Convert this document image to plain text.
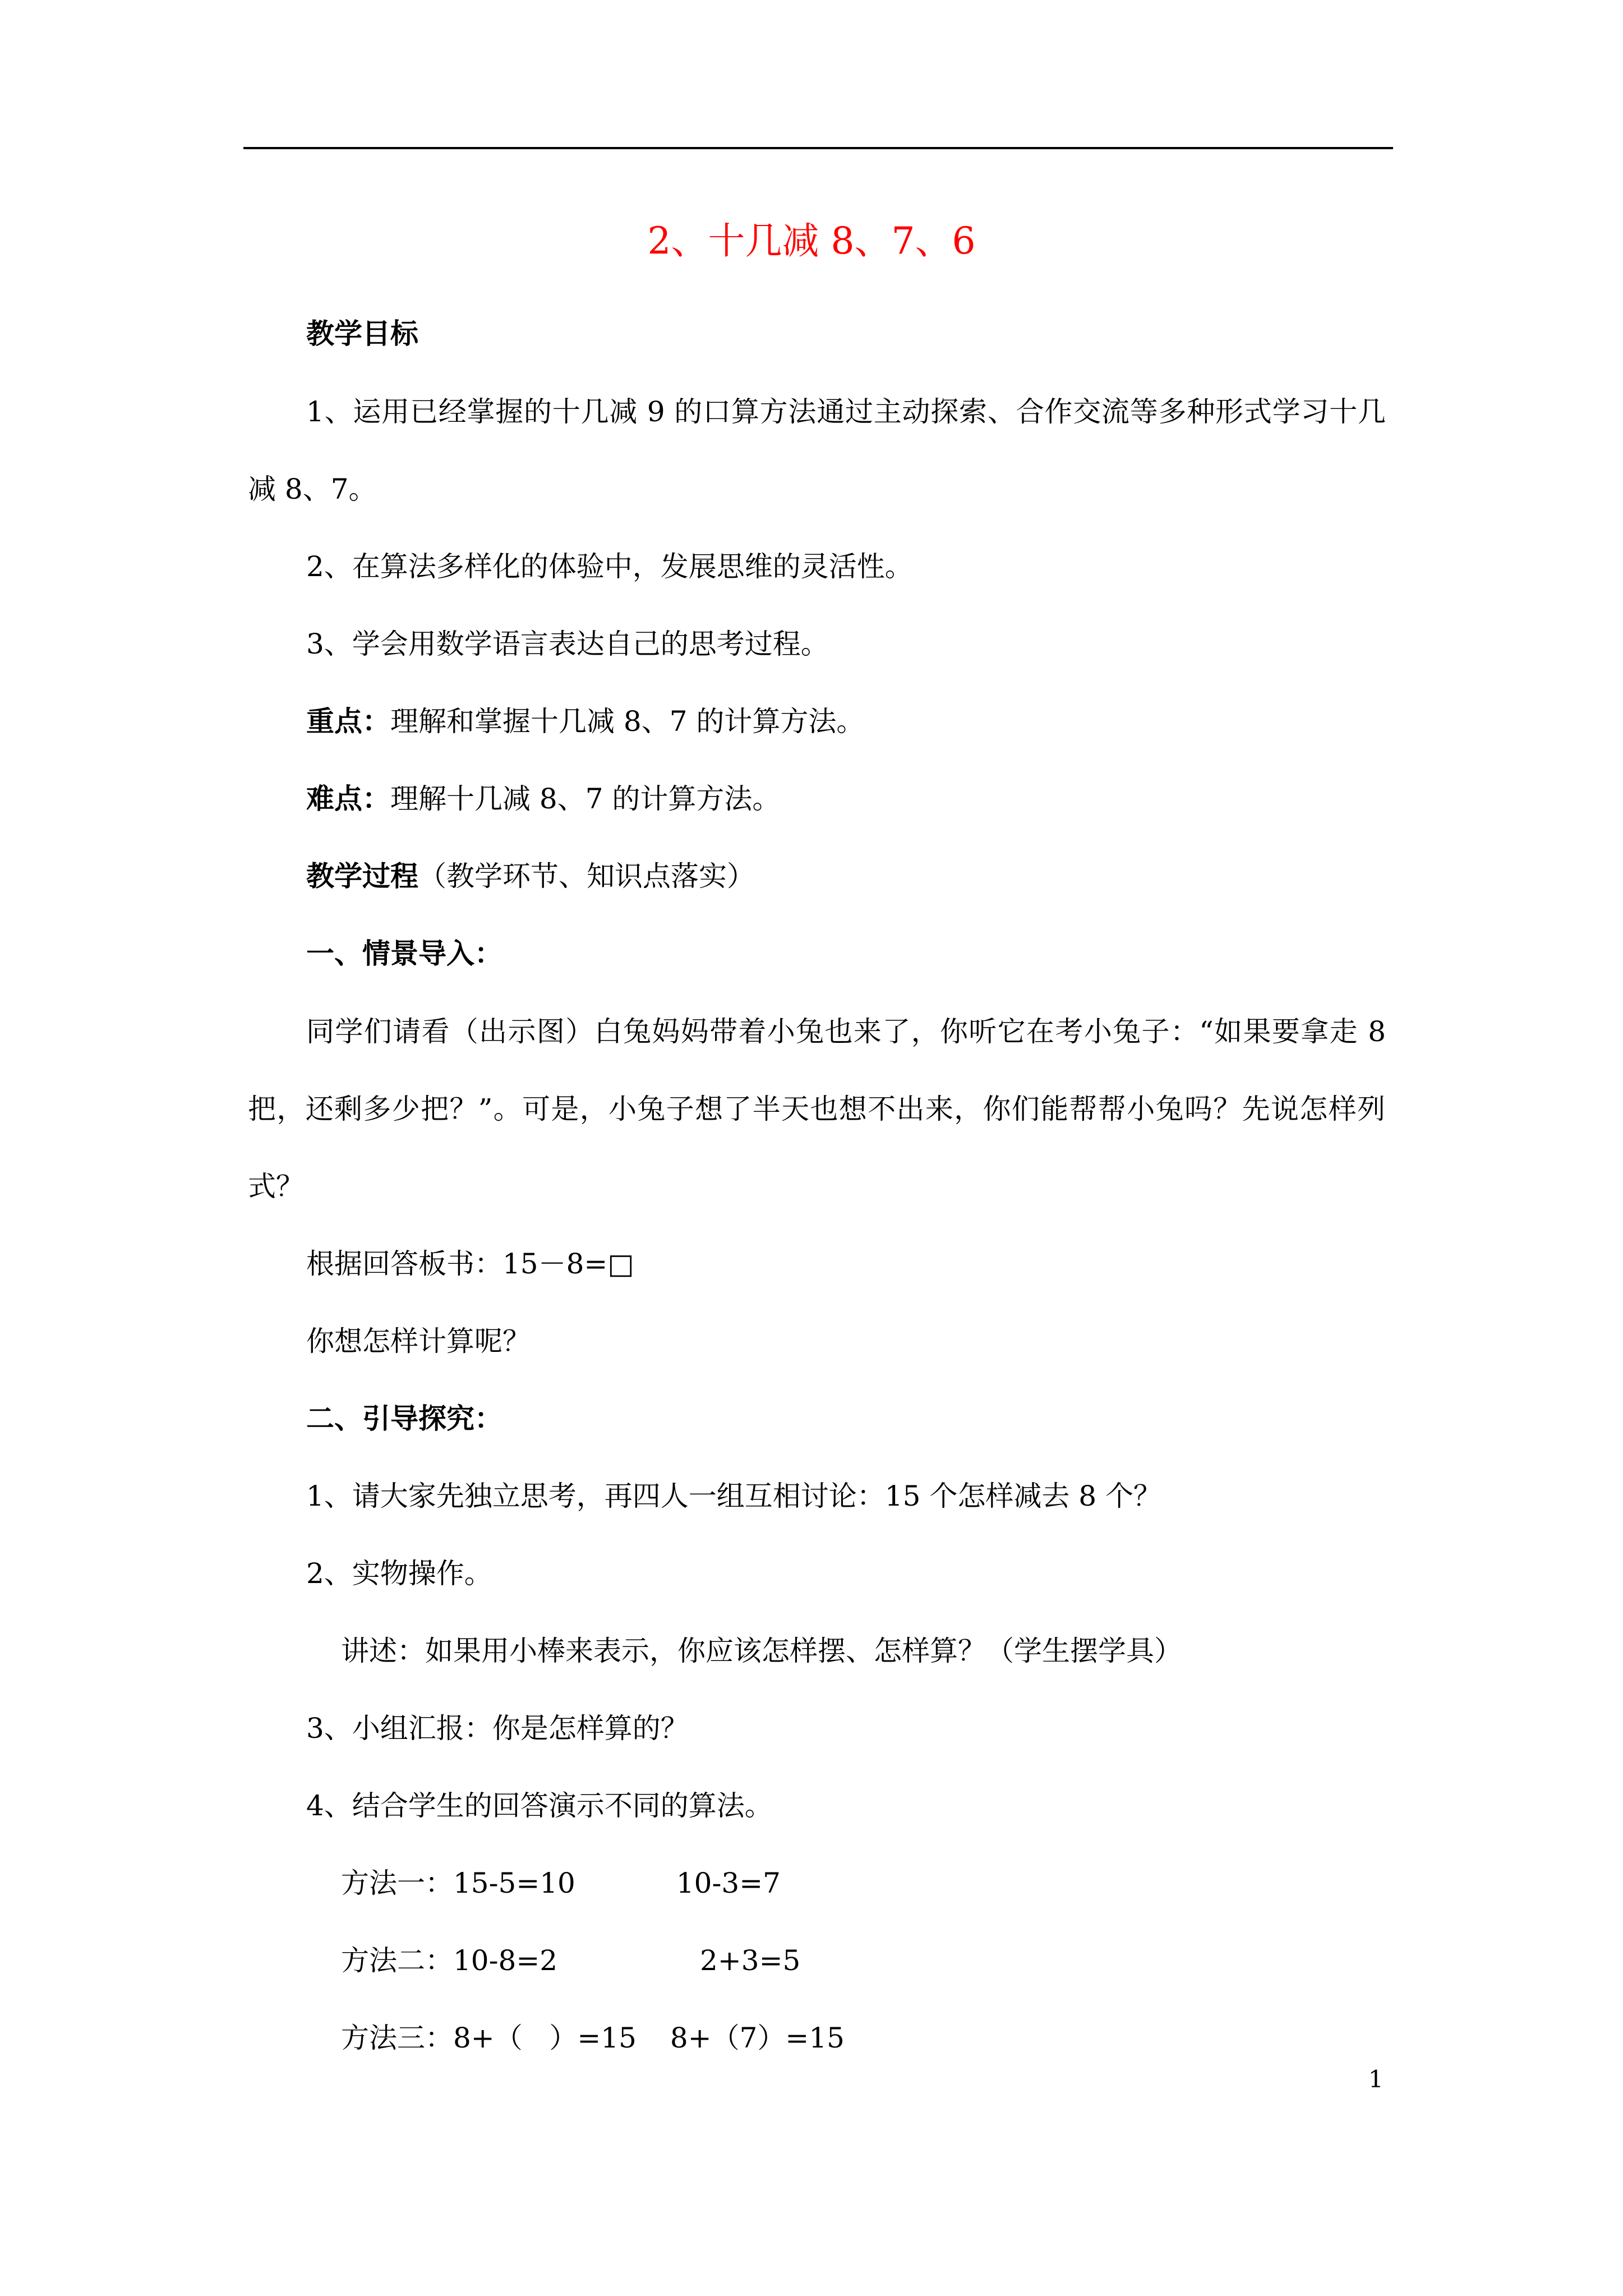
2、十几减 8、7、6
教学目标
1、运用已经掌握的十几减 9 的口算方法通过主动探索、合作交流等多种形式学习十几
减 8、7。
2、在算法多样化的体验中，发展思维的灵活性。
3、学会用数学语言表达自己的思考过程。
重点：理解和掌握十几减 8、7 的计算方法。
难点：理解十几减 8、7 的计算方法。
教学过程（教学环节、知识点落实）
一、情景导入：
同学们请看（出示图）白兔妈妈带着小兔也来了，你听它在考小兔子：“如果要拿走 8
把，还剩多少把？”。可是，小兔子想了半天也想不出来，你们能帮帮小兔吗？先说怎样列
式？
根据回答板书：15－8=□
你想怎样计算呢？
二、引导探究：
1、请大家先独立思考，再四人一组互相讨论：15 个怎样减去 8 个？
2、实物操作。
讲述：如果用小棒来表示，你应该怎样摆、怎样算？（学生摆学具）
3、小组汇报：你是怎样算的？
4、结合学生的回答演示不同的算法。
方法一：15-5=10	10-3=7
方法二：10-8=2	2+3=5
方法三：8+（   ）=15 8+（7）=15
1
